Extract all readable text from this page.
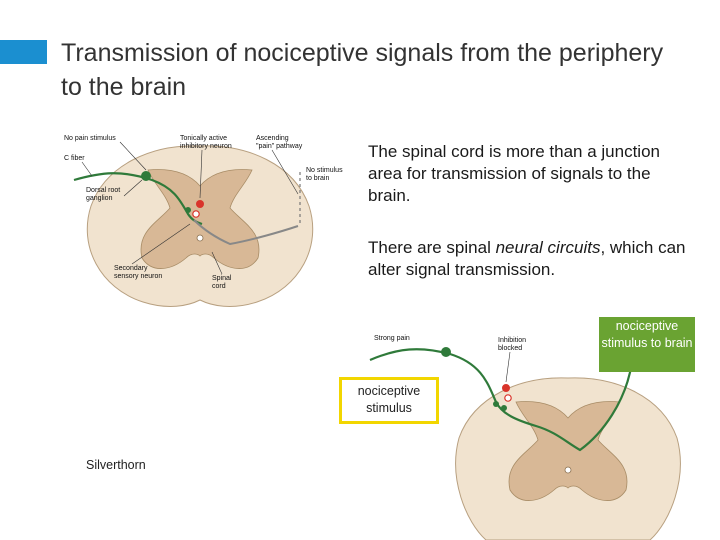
Transmission of nociceptive signals from the periphery to the brain
The spinal cord is more than a junction area for transmission of signals to the brain.
There are spinal neural circuits, which can alter signal transmission.
No pain stimulus
C fiber
Tonically active
inhibitory neuron
Ascending
"pain" pathway
No stimulus
to brain
Dorsal root
ganglion
Secondary
sensory neuron	Spinal
cord
Strong pain	Inhibition
blocked
nociceptive stimulus to brain
nociceptive stimulus
Silverthorn
